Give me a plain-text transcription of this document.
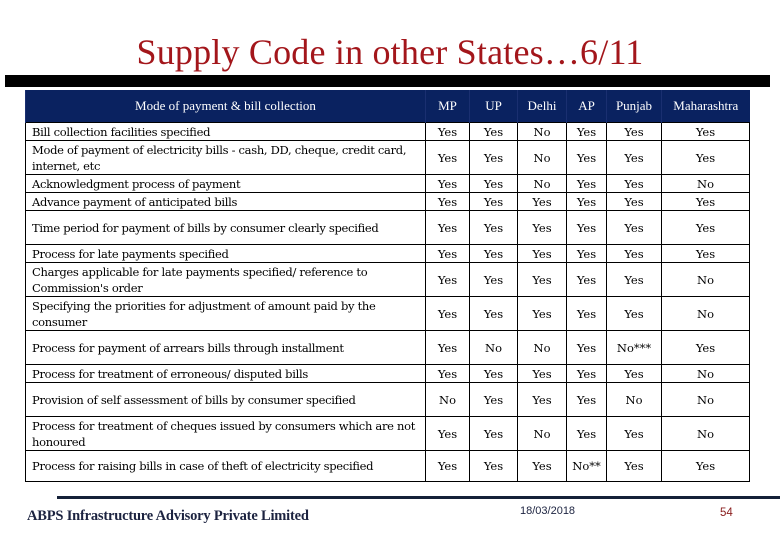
Supply Code in other States…6/11
Mode of payment & bill collection	MP	UP	Delhi	AP	Punjab	Maharashtra
Bill collection facilities specified	Yes	Yes	No	Yes	Yes	Yes
Mode of payment of electricity bills - cash, DD, cheque, credit card, internet, etc	Yes	Yes	No	Yes	Yes	Yes
Acknowledgment process of payment	Yes	Yes	No	Yes	Yes	No
Advance payment of anticipated bills	Yes	Yes	Yes	Yes	Yes	Yes
Time period for payment of bills by consumer clearly specified	Yes	Yes	Yes	Yes	Yes	Yes
Process for late payments specified	Yes	Yes	Yes	Yes	Yes	Yes
Charges applicable for late payments specified/ reference to Commission's order	Yes	Yes	Yes	Yes	Yes	No
Specifying the priorities for adjustment of amount paid by the consumer	Yes	Yes	Yes	Yes	Yes	No
Process for payment of arrears bills through installment	Yes	No	No	Yes	No***	Yes
Process for treatment of erroneous/ disputed bills	Yes	Yes	Yes	Yes	Yes	No
Provision of self assessment of bills by consumer specified	No	Yes	Yes	Yes	No	No
Process for treatment of cheques issued by consumers which are not honoured	Yes	Yes	No	Yes	Yes	No
Process for raising bills in case of theft of electricity specified	Yes	Yes	Yes	No**	Yes	Yes
ABPS Infrastructure Advisory Private Limited	18/03/2018	54
